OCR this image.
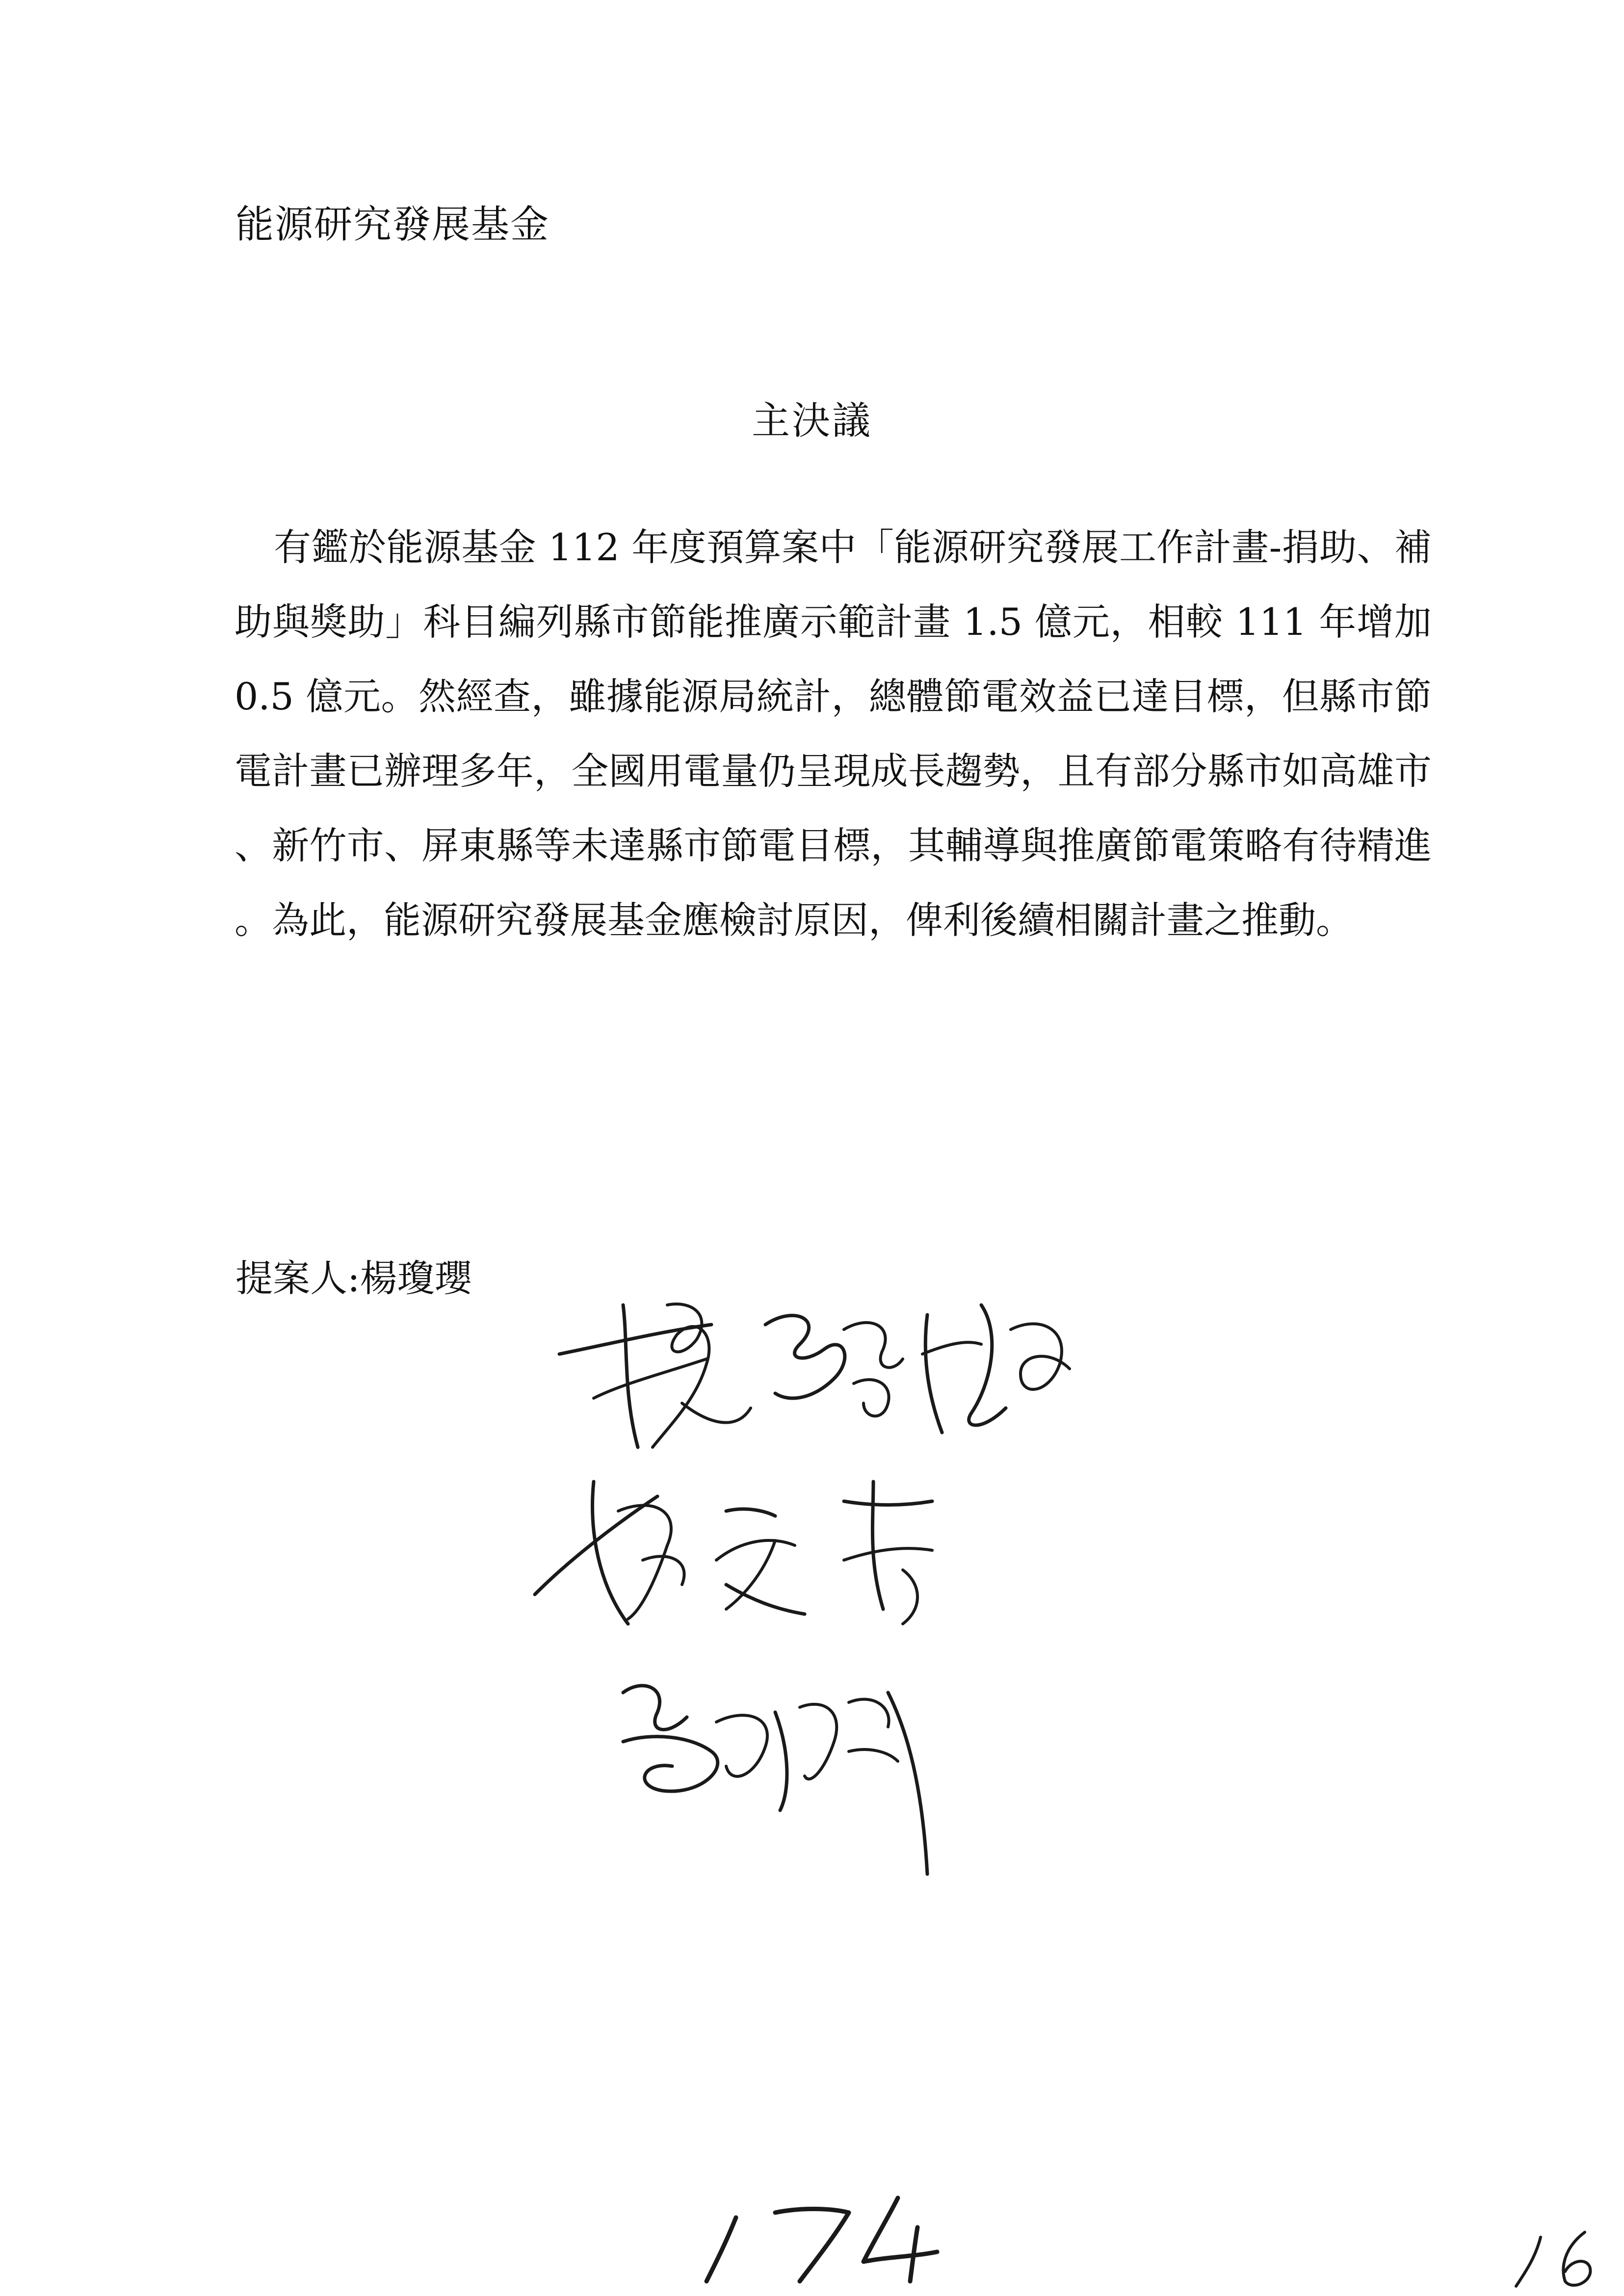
能源研究發展基金
主決議

有鑑於能源基金 112 年度預算案中「能源研究發展工作計畫-捐助、補助與獎助」科目編列縣市節能推廣示範計畫 1.5 億元，相較 111 年增加 0.5 億元。然經查，雖據能源局統計，總體節電效益已達目標，但縣市節電計畫已辦理多年，全國用電量仍呈現成長趨勢，且有部分縣市如高雄市、新竹市、屏東縣等未達縣市節電目標，其輔導與推廣節電策略有待精進。為此，能源研究發展基金應檢討原因，俾利後續相關計畫之推動。

提案人:楊瓊瓔
